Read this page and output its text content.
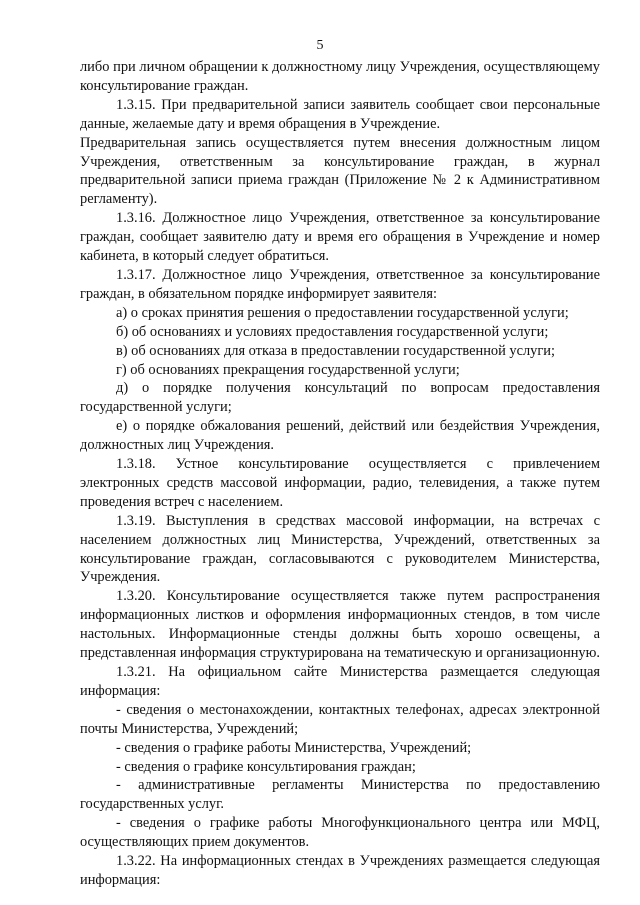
5

либо при личном обращении к должностному лицу Учреждения, осуществляющему консультирование граждан.

1.3.15. При предварительной записи заявитель сообщает свои персональные данные, желаемые дату и время обращения в Учреждение.

Предварительная запись осуществляется путем внесения должностным лицом Учреждения, ответственным за консультирование граждан, в журнал предварительной записи приема граждан (Приложение № 2 к Административном регламенту).

1.3.16. Должностное лицо Учреждения, ответственное за консультирование граждан, сообщает заявителю дату и время его обращения в Учреждение и номер кабинета, в который следует обратиться.

1.3.17. Должностное лицо Учреждения, ответственное за консультирование граждан, в обязательном порядке информирует заявителя:

а) о сроках принятия решения о предоставлении государственной услуги;

б) об основаниях и условиях предоставления государственной услуги;

в) об основаниях для отказа в предоставлении государственной услуги;

г) об основаниях прекращения государственной услуги;

д) о порядке получения консультаций по вопросам предоставления государственной услуги;

е) о порядке обжалования решений, действий или бездействия Учреждения, должностных лиц Учреждения.

1.3.18. Устное консультирование осуществляется с привлечением электронных средств массовой информации, радио, телевидения, а также путем проведения встреч с населением.

1.3.19. Выступления в средствах массовой информации, на встречах с населением должностных лиц Министерства, Учреждений, ответственных за консультирование граждан, согласовываются с руководителем Министерства, Учреждения.

1.3.20. Консультирование осуществляется также путем распространения информационных листков и оформления информационных стендов, в том числе настольных. Информационные стенды должны быть хорошо освещены, а представленная информация структурирована на тематическую и организационную.

1.3.21. На официальном сайте Министерства размещается следующая информация:

- сведения о местонахождении, контактных телефонах, адресах электронной почты Министерства, Учреждений;

- сведения о графике работы Министерства, Учреждений;

- сведения о графике консультирования граждан;

- административные регламенты Министерства по предоставлению государственных услуг.

- сведения о графике работы Многофункционального центра или МФЦ, осуществляющих прием документов.

1.3.22. На информационных стендах в Учреждениях размещается следующая информация:
